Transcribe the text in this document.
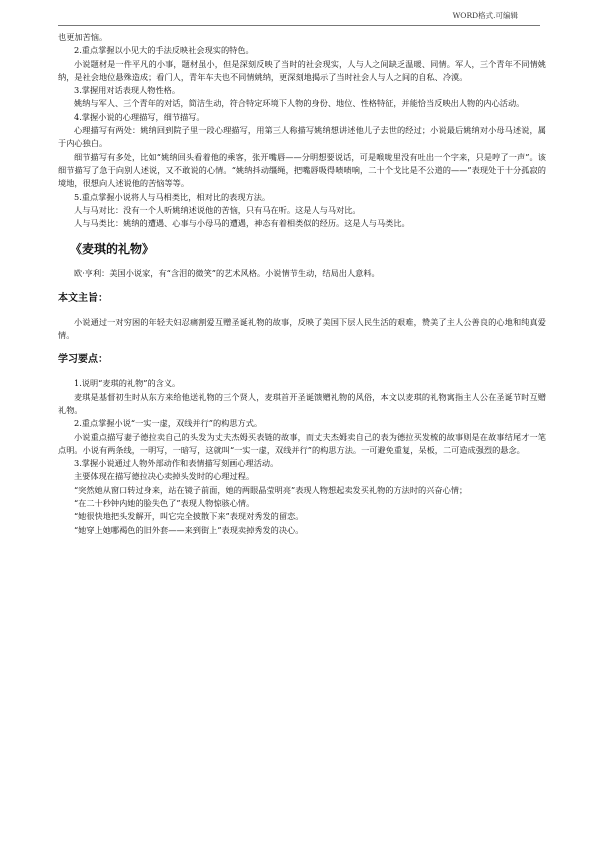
WORD格式.可编辑

也更加苦恼。

2.重点掌握以小见大的手法反映社会现实的特色。

小说题材是一件平凡的小事，题材虽小，但是深刻反映了当时的社会现实，人与人之间缺乏温暖、同情。军人，三个青年不同情姚纳，是社会地位悬殊造成；看门人，青年车夫也不同情姚纳，更深刻地揭示了当时社会人与人之间的自私、冷漠。

3.掌握用对话表现人物性格。

姚纳与军人、三个青年的对话，简洁生动，符合特定环境下人物的身份、地位、性格特征，并能恰当反映出人物的内心活动。

4.掌握小说的心理描写，细节描写。

心理描写有两处：姚纳回到院子里一段心理描写，用第三人称描写姚纳想讲述他儿子去世的经过；小说最后姚纳对小母马述说，属于内心独白。

细节描写有多处，比如“姚纳回头看着他的乘客，张开嘴唇——分明想要说话，可是喉咙里没有吐出一个字来，只是哼了一声”。该细节描写了急于向别人述说，又不敢说的心情。“姚纳抖动缰绳，把嘴唇吸得啧啧响，二十个戈比是不公道的——”表现处于十分孤寂的境地，很想向人述说他的苦恼等等。

5.重点掌握小说将人与马相类比，相对比的表现方法。

人与马对比：没有一个人听姚纳述说他的苦恼，只有马在听。这是人与马对比。

人与马类比：姚纳的遭遇、心事与小母马的遭遇，神态有着相类似的经历。这是人与马类比。

《麦琪的礼物》

欧·亨利：美国小说家，有“含泪的微笑”的艺术风格。小说情节生动，结局出人意料。

本文主旨：

小说通过一对穷困的年轻夫妇忍痛割爱互赠圣诞礼物的故事，反映了美国下层人民生活的艰难，赞美了主人公善良的心地和纯真爱情。

学习要点：

1.说明“麦琪的礼物”的含义。

麦琪是基督初生时从东方来给他送礼物的三个贤人，麦琪首开圣诞馈赠礼物的风俗，本文以麦琪的礼物寓指主人公在圣诞节时互赠礼物。

2.重点掌握小说“一实一虚，双线并行”的构思方式。

小说重点描写妻子德拉卖自己的头发为丈夫杰姆买表链的故事，而丈夫杰姆卖自己的表为德拉买发梳的故事则是在故事结尾才一笔点明。小说有两条线，一明写，一暗写，这就叫“一实一虚，双线并行”的构思方法。一可避免重复，呆板，二可造成强烈的悬念。

3.掌握小说通过人物外部动作和表情描写刻画心理活动。

主要体现在描写德拉决心卖掉头发时的心理过程。

“突然她从窗口转过身来，站在镜子前面，她的两眼晶莹明亮”表现人物想起卖发买礼物的方法时的兴奋心情；

“在二十秒钟内她的脸失色了”表现人物惊骇心情。

“她很快地把头发解开，叫它完全披散下来”表现对秀发的留恋。

“她穿上她哪褐色的旧外套——来到街上”表现卖掉秀发的决心。
